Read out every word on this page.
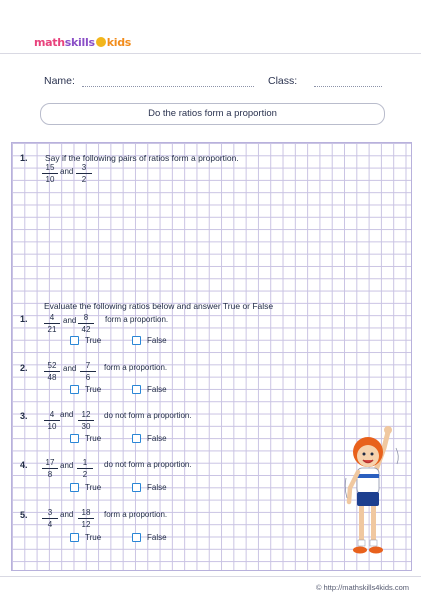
mathskills kids
Name:	Class:
Do the ratios form a proportion
1. Say if the following pairs of ratios form a proportion.
15
10
and	3
2
Evaluate the following ratios below and answer True or False
1.	4
21
and 8
42
form a proportion.
True	False
2.	52
48
and	7
6
form a proportion.
True	False
3.	4
10
and	12
30
do not form a proportion.
True	False
4.	17
8
and	1
2
do not form a proportion.
True	False
5.	3
4
and	18
12
form a proportion.
True	False
© http://mathskills4kids.com
